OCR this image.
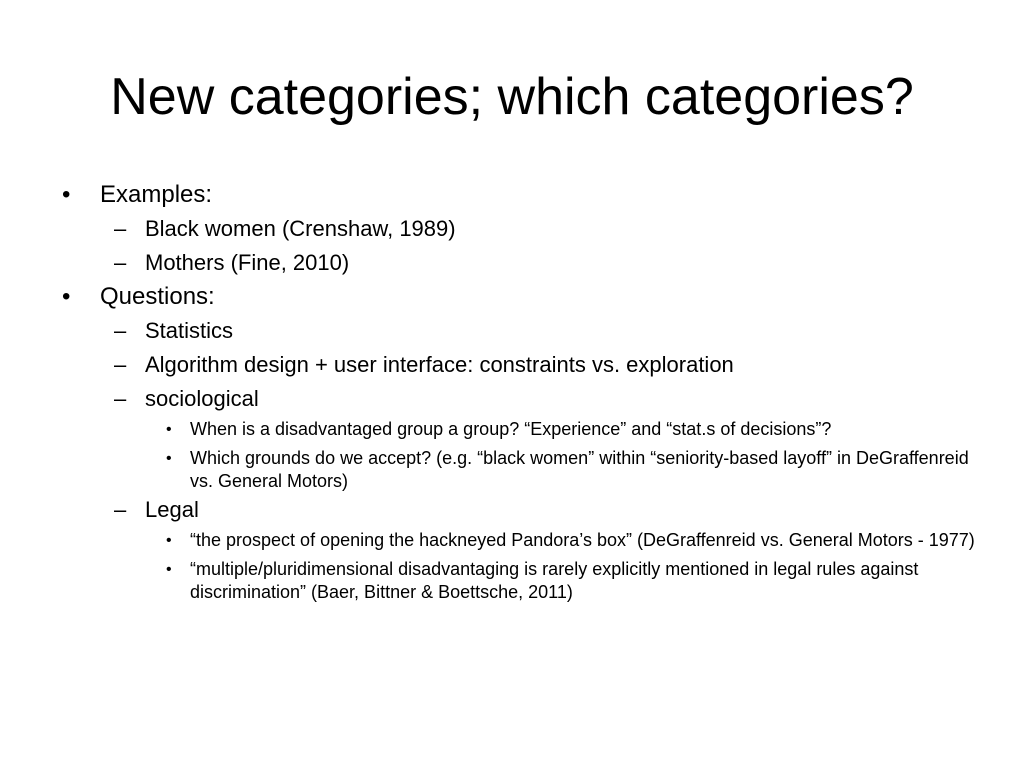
New categories; which categories?
• Examples:
– Black women (Crenshaw, 1989)
– Mothers (Fine, 2010)
• Questions:
– Statistics
– Algorithm design + user interface: constraints vs. exploration
– sociological
• When is a disadvantaged group a group? “Experience” and “stat.s of decisions”?
• Which grounds do we accept? (e.g. “black women” within “seniority-based layoff” in DeGraffenreid vs. General Motors)
– Legal
• “the prospect of opening the hackneyed Pandora’s box” (DeGraffenreid vs. General Motors - 1977)
• “multiple/pluridimensional disadvantaging is rarely explicitly mentioned in legal rules against discrimination” (Baer, Bittner & Boettsche, 2011)
